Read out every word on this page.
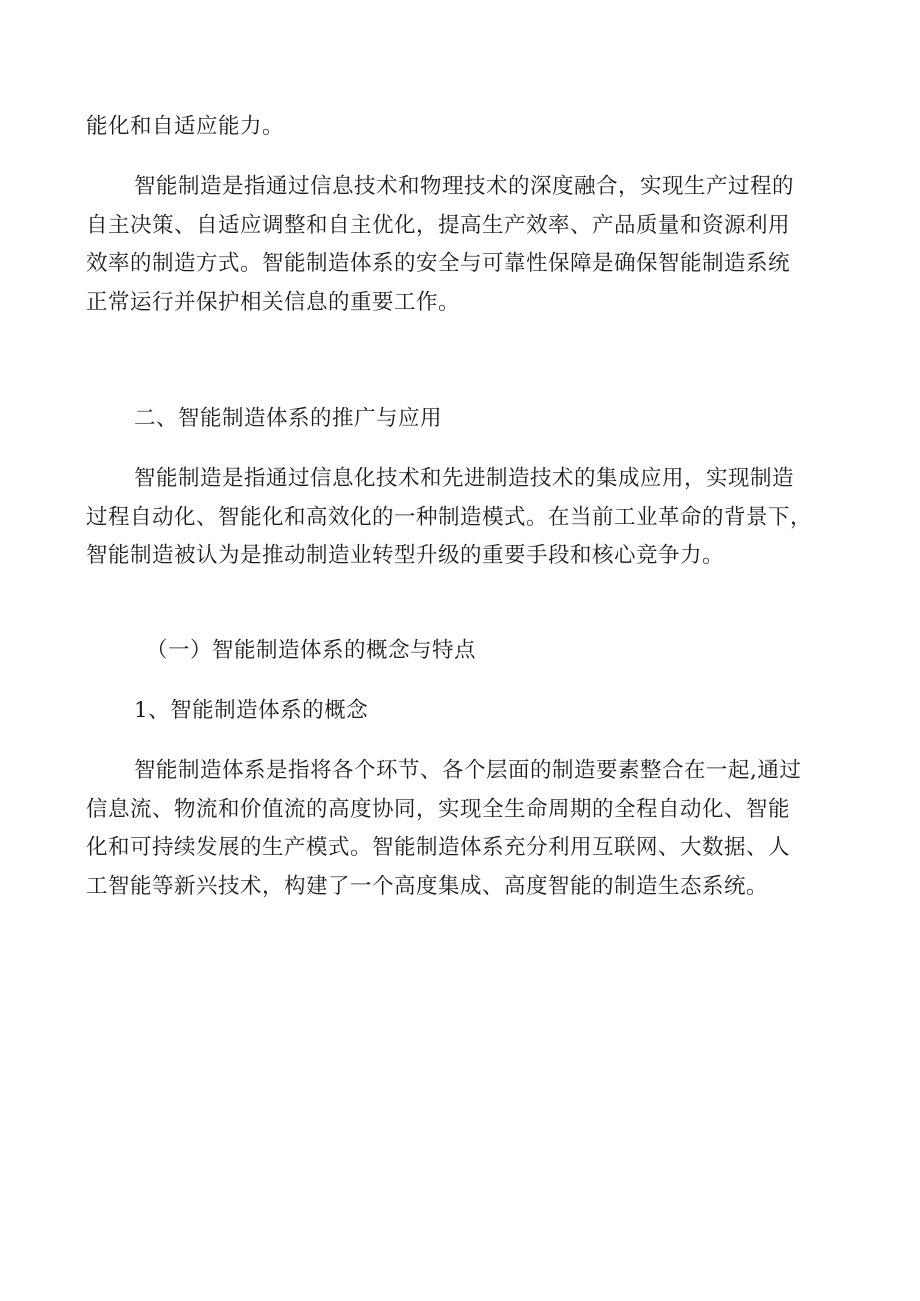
能化和自适应能力。

智能制造是指通过信息技术和物理技术的深度融合，实现生产过程的
自主决策、自适应调整和自主优化，提高生产效率、产品质量和资源利用
效率的制造方式。智能制造体系的安全与可靠性保障是确保智能制造系统
正常运行并保护相关信息的重要工作。

二、智能制造体系的推广与应用

智能制造是指通过信息化技术和先进制造技术的集成应用，实现制造
过程自动化、智能化和高效化的一种制造模式。在当前工业革命的背景下，
智能制造被认为是推动制造业转型升级的重要手段和核心竞争力。

（一）智能制造体系的概念与特点

1、智能制造体系的概念

智能制造体系是指将各个环节、各个层面的制造要素整合在一起,通过
信息流、物流和价值流的高度协同，实现全生命周期的全程自动化、智能
化和可持续发展的生产模式。智能制造体系充分利用互联网、大数据、人
工智能等新兴技术，构建了一个高度集成、高度智能的制造生态系统。
